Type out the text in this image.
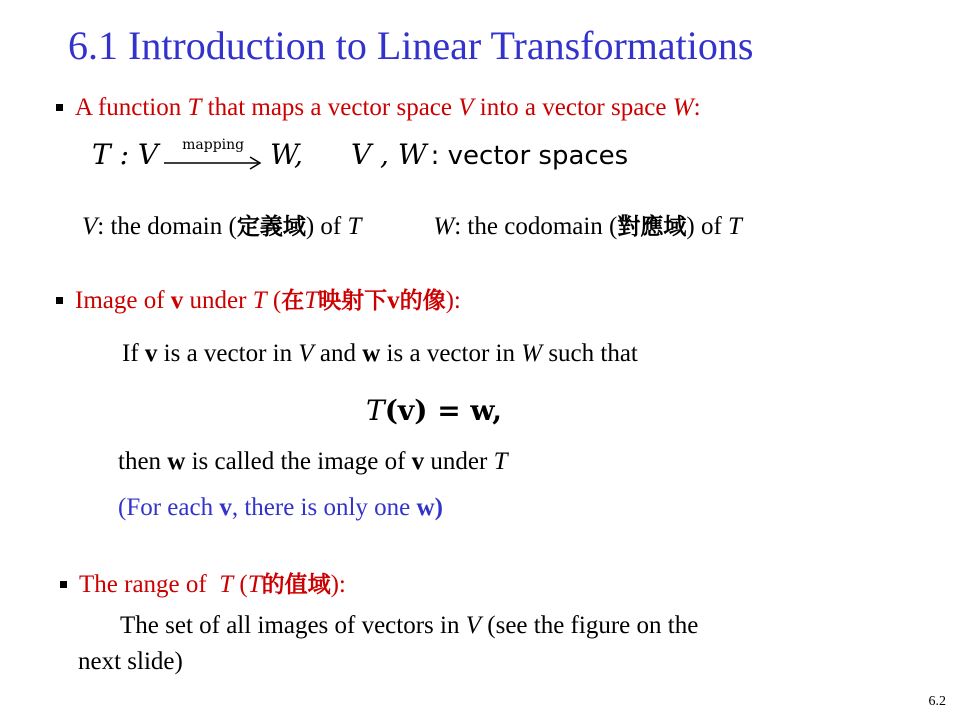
6.1 Introduction to Linear Transformations
A function T that maps a vector space V into a vector space W:
T : V mapping W, V , W : vector spaces
V: the domain (定義域) of T	W: the codomain (對應域) of T
Image of v under T (在T映射下v的像):
If v is a vector in V and w is a vector in W such that
T(v) = w,
then w is called the image of v under T
(For each v, there is only one w)
The range of  T (T的值域):
The set of all images of vectors in V (see the figure on the
next slide)
6.2
